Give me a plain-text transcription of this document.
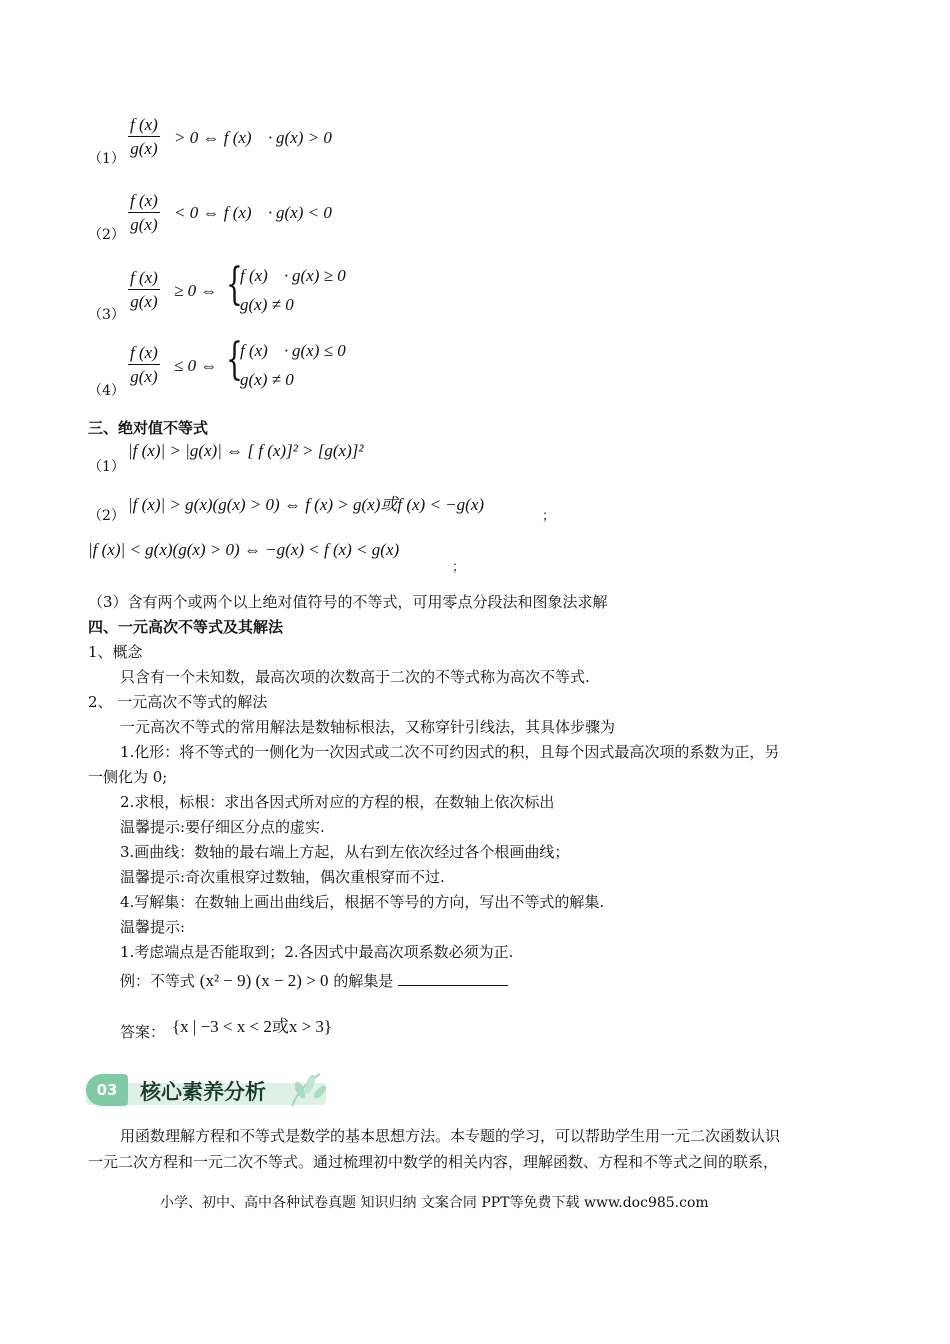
$(1) \frac{f (x)}{g(x)} > 0$ ⇔ f (x) · g(x) > 0
$(2) \frac{f (x)}{g(x)} < 0$ ⇔ f (x) · g(x) < 0
（3）
$\frac{f (x)}{g(x)} \ge 0$ ⇔ {
f (x) · g(x) ≥ 0
g(x) ≠ 0
（4）
$\frac{f (x)}{g(x)} \le 0$ ⇔ {
f (x) · g(x) ≤ 0
g(x) ≠ 0
三、绝对值不等式
（1）
|f (x)| > |g(x)| ⇔ [ f (x)]² > [g(x)]²
（2）
|f (x)| > g(x)(g(x) > 0) ⇔ f (x) > g(x)或f (x) < −g(x)
；
|f (x)| < g(x)(g(x) > 0) ⇔ −g(x) < f (x) < g(x)
；
（3）含有两个或两个以上绝对值符号的不等式，可用零点分段法和图象法求解
四、一元高次不等式及其解法
1、概念
只含有一个未知数，最高次项的次数高于二次的不等式称为高次不等式.
2、 一元高次不等式的解法
一元高次不等式的常用解法是数轴标根法，又称穿针引线法，其具体步骤为
1.化形：将不等式的一侧化为一次因式或二次不可约因式的积，且每个因式最高次项的系数为正，另
一侧化为 0;
2.求根，标根：求出各因式所对应的方程的根，在数轴上依次标出
温馨提示:要仔细区分点的虚实.
3.画曲线：数轴的最右端上方起，从右到左依次经过各个根画曲线；
温馨提示:奇次重根穿过数轴，偶次重根穿而不过.
4.写解集：在数轴上画出曲线后，根据不等号的方向，写出不等式的解集.
温馨提示:
1.考虑端点是否能取到；2.各因式中最高次项系数必须为正.
例：不等式 (x² − 9) (x − 2) > 0 的解集是
答案： {x | −3 < x < 2或x > 3}
03	核心素养分析
用函数理解方程和不等式是数学的基本思想方法。本专题的学习，可以帮助学生用一元二次函数认识
一元二次方程和一元二次不等式。通过梳理初中数学的相关内容，理解函数、方程和不等式之间的联系，
小学、初中、高中各种试卷真题 知识归纳 文案合同 PPT等免费下载 www.doc985.com
